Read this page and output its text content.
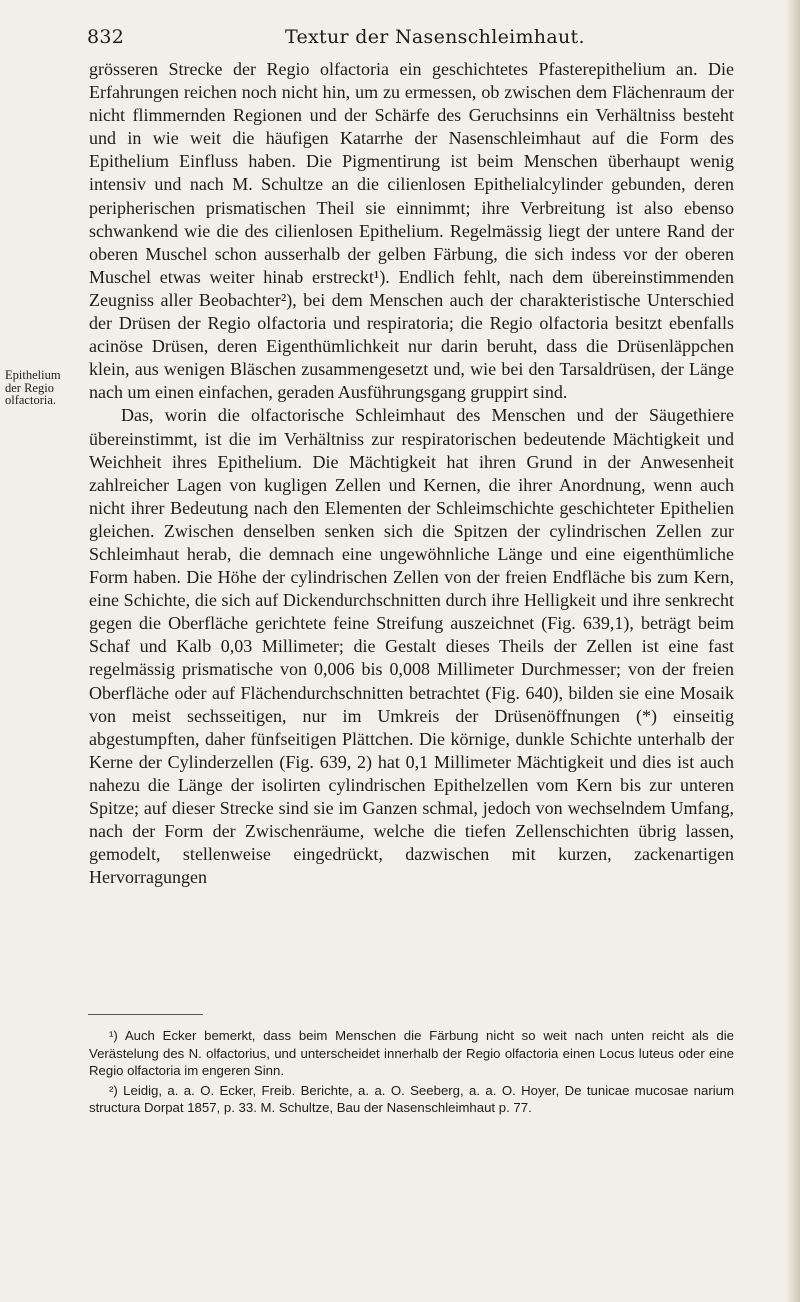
832	Textur der Nasenschleimhaut.
Epithelium
der Regio
olfactoria.

grösseren Strecke der Regio olfactoria ein geschichtetes Pfasterepithelium an. Die Erfahrungen reichen noch nicht hin, um zu ermessen, ob zwischen dem Flächenraum der nicht flimmernden Regionen und der Schärfe des Geruchsinns ein Verhältniss besteht und in wie weit die häufigen Katarrhe der Nasenschleimhaut auf die Form des Epithelium Einfluss haben. Die Pigmentirung ist beim Menschen überhaupt wenig intensiv und nach M. Schultze an die cilienlosen Epithelialcylinder gebunden, deren peripherischen prismatischen Theil sie einnimmt; ihre Verbreitung ist also ebenso schwankend wie die des cilienlosen Epithelium. Regelmässig liegt der untere Rand der oberen Muschel schon ausserhalb der gelben Färbung, die sich indess vor der oberen Muschel etwas weiter hinab erstreckt¹). Endlich fehlt, nach dem übereinstimmenden Zeugniss aller Beobachter²), bei dem Menschen auch der charakteristische Unterschied der Drüsen der Regio olfactoria und respiratoria; die Regio olfactoria besitzt ebenfalls acinöse Drüsen, deren Eigenthümlichkeit nur darin beruht, dass die Drüsenläppchen klein, aus wenigen Bläschen zusammengesetzt und, wie bei den Tarsaldrüsen, der Länge nach um einen einfachen, geraden Ausführungsgang gruppirt sind.

Das, worin die olfactorische Schleimhaut des Menschen und der Säugethiere übereinstimmt, ist die im Verhältniss zur respiratorischen bedeutende Mächtigkeit und Weichheit ihres Epithelium. Die Mächtigkeit hat ihren Grund in der Anwesenheit zahlreicher Lagen von kugligen Zellen und Kernen, die ihrer Anordnung, wenn auch nicht ihrer Bedeutung nach den Elementen der Schleimschichte geschichteter Epithelien gleichen. Zwischen denselben senken sich die Spitzen der cylindrischen Zellen zur Schleimhaut herab, die demnach eine ungewöhnliche Länge und eine eigenthümliche Form haben. Die Höhe der cylindrischen Zellen von der freien Endfläche bis zum Kern, eine Schichte, die sich auf Dickendurchschnitten durch ihre Helligkeit und ihre senkrecht gegen die Oberfläche gerichtete feine Streifung auszeichnet (Fig. 639,1), beträgt beim Schaf und Kalb 0,03 Millimeter; die Gestalt dieses Theils der Zellen ist eine fast regelmässig prismatische von 0,006 bis 0,008 Millimeter Durchmesser; von der freien Oberfläche oder auf Flächendurchschnitten betrachtet (Fig. 640), bilden sie eine Mosaik von meist sechsseitigen, nur im Umkreis der Drüsenöffnungen (*) einseitig abgestumpften, daher fünfseitigen Plättchen. Die körnige, dunkle Schichte unterhalb der Kerne der Cylinderzellen (Fig. 639, 2) hat 0,1 Millimeter Mächtigkeit und dies ist auch nahezu die Länge der isolirten cylindrischen Epithelzellen vom Kern bis zur unteren Spitze; auf dieser Strecke sind sie im Ganzen schmal, jedoch von wechselndem Umfang, nach der Form der Zwischenräume, welche die tiefen Zellenschichten übrig lassen, gemodelt, stellenweise eingedrückt, dazwischen mit kurzen, zackenartigen Hervorragungen

¹) Auch Ecker bemerkt, dass beim Menschen die Färbung nicht so weit nach unten reicht als die Verästelung des N. olfactorius, und unterscheidet innerhalb der Regio olfactoria einen Locus luteus oder eine Regio olfactoria im engeren Sinn.

²) Leidig, a. a. O. Ecker, Freib. Berichte, a. a. O. Seeberg, a. a. O. Hoyer, De tunicae mucosae narium structura Dorpat 1857, p. 33. M. Schultze, Bau der Nasenschleimhaut p. 77.
